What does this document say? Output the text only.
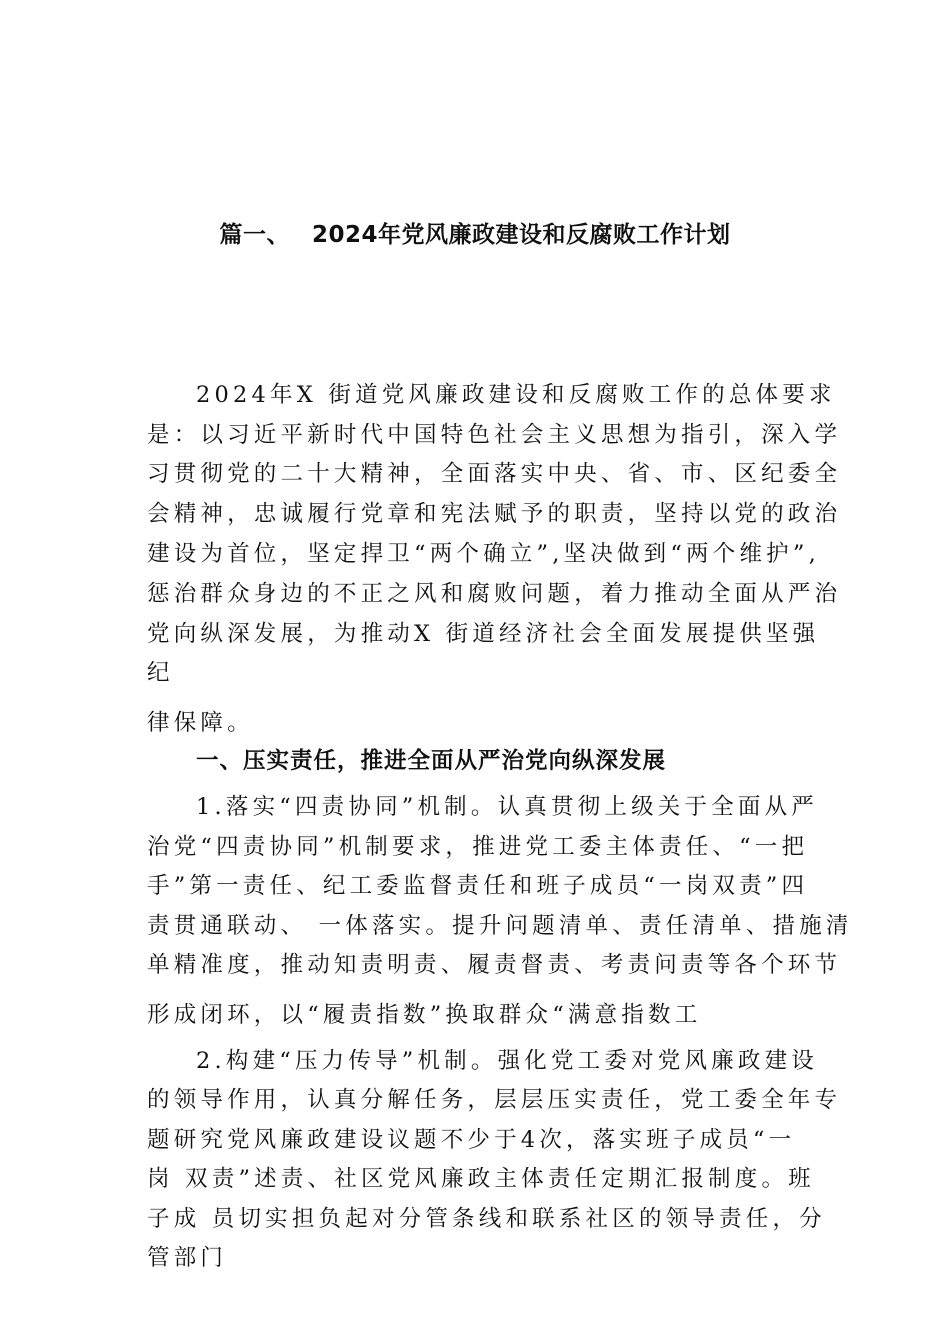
篇一、 2024年党风廉政建设和反腐败工作计划
2024年X 街道党风廉政建设和反腐败工作的总体要求
是：以习近平新时代中国特色社会主义思想为指引，深入学
习贯彻党的二十大精神，全面落实中央、省、市、区纪委全
会精神，忠诚履行党章和宪法赋予的职责，坚持以党的政治
建设为首位，坚定捍卫“两个确立”,坚决做到“两个维护”,
惩治群众身边的不正之风和腐败问题，着力推动全面从严治
党向纵深发展，为推动X 街道经济社会全面发展提供坚强
纪
律保障。
一、压实责任，推进全面从严治党向纵深发展
1.落实“四责协同”机制。认真贯彻上级关于全面从严
治党“四责协同”机制要求，推进党工委主体责任、“一把
手”第一责任、纪工委监督责任和班子成员“一岗双责”四
责贯通联动、 一体落实。提升问题清单、责任清单、措施清
单精准度，推动知责明责、履责督责、考责问责等各个环节
形成闭环，以“履责指数”换取群众“满意指数工
2.构建“压力传导”机制。强化党工委对党风廉政建设
的领导作用，认真分解任务，层层压实责任，党工委全年专
题研究党风廉政建设议题不少于4次，落实班子成员“一
岗 双责”述责、社区党风廉政主体责任定期汇报制度。班
子成 员切实担负起对分管条线和联系社区的领导责任，分
管部门
